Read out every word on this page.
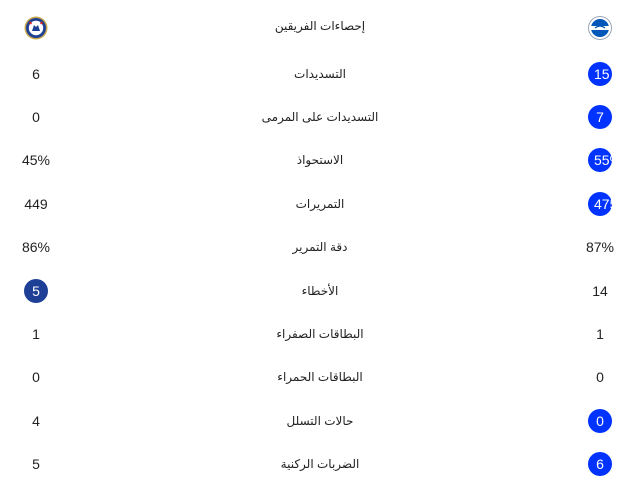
إحصاءات الفريقين
6	التسديدات	15
0	التسديدات على المرمى	7
45%	الاستحواذ	55%
449	التمريرات	475
86%	دقة التمرير	87%
5	الأخطاء	14
1	البطاقات الصفراء	1
0	البطاقات الحمراء	0
4	حالات التسلل	0
5	الضربات الركنية	6
